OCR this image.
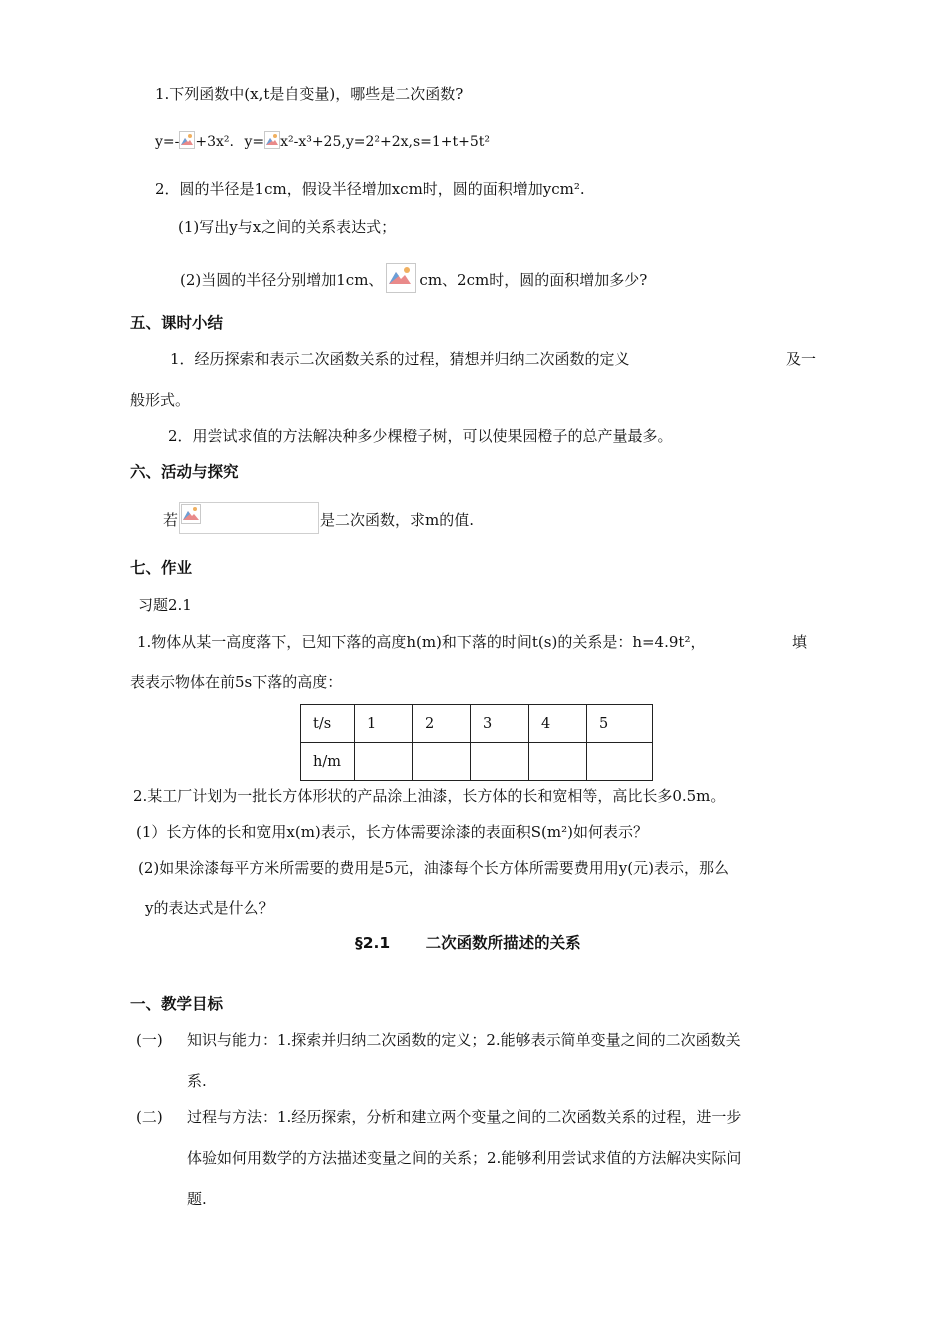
1.下列函数中(x,t是自变量)，哪些是二次函数?
y=- +3x². y= x²-x³+25,y=2²+2x,s=1+t+5t²
2．圆的半径是1cm，假设半径增加xcm时，圆的面积增加ycm².
(1)写出y与x之间的关系表达式；
(2)当圆的半径分别增加1cm、 cm、2cm时，圆的面积增加多少?
五、课时小结
1．经历探索和表示二次函数关系的过程，猜想并归纳二次函数的定义	及一
般形式。
2．用尝试求值的方法解决种多少棵橙子树，可以使果园橙子的总产量最多。
六、活动与探究
若	是二次函数，求m的值.
七、作业
习题2.1
1.物体从某一高度落下，已知下落的高度h(m)和下落的时间t(s)的关系是：h=4.9t²，	填
表表示物体在前5s下落的高度：
t/s	1	2	3	4	5
h/m					
2.某工厂计划为一批长方体形状的产品涂上油漆，长方体的长和宽相等，高比长多0.5m。
(1）长方体的长和宽用x(m)表示，长方体需要涂漆的表面积S(m²)如何表示？
(2)如果涂漆每平方米所需要的费用是5元，油漆每个长方体所需要费用用y(元)表示，那么
y的表达式是什么？
§2.1 二次函数所描述的关系
一、教学目标
(一) 知识与能力：1.探索并归纳二次函数的定义；2.能够表示简单变量之间的二次函数关
系.
(二) 过程与方法：1.经历探索，分析和建立两个变量之间的二次函数关系的过程，进一步
体验如何用数学的方法描述变量之间的关系；2.能够利用尝试求值的方法解决实际问
题.
